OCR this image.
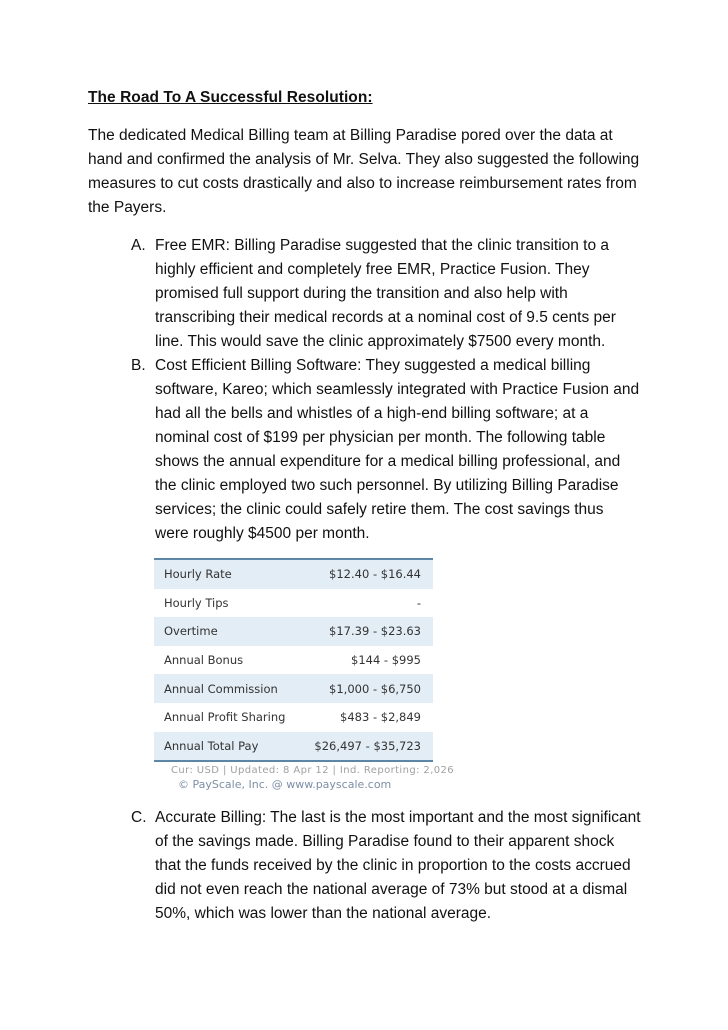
The Road To A Successful Resolution:
The dedicated Medical Billing team at Billing Paradise pored over the data at hand and confirmed the analysis of Mr. Selva. They also suggested the following measures to cut costs drastically and also to increase reimbursement rates from the Payers.
A. Free EMR: Billing Paradise suggested that the clinic transition to a highly efficient and completely free EMR, Practice Fusion. They promised full support during the transition and also help with transcribing their medical records at a nominal cost of 9.5 cents per line. This would save the clinic approximately $7500 every month.
B. Cost Efficient Billing Software: They suggested a medical billing software, Kareo; which seamlessly integrated with Practice Fusion and had all the bells and whistles of a high-end billing software; at a nominal cost of $199 per physician per month. The following table shows the annual expenditure for a medical billing professional, and the clinic employed two such personnel. By utilizing Billing Paradise services; the clinic could safely retire them. The cost savings thus were roughly $4500 per month.
Hourly Rate	$12.40 - $16.44
Hourly Tips	-
Overtime	$17.39 - $23.63
Annual Bonus	$144 - $995
Annual Commission	$1,000 - $6,750
Annual Profit Sharing	$483 - $2,849
Annual Total Pay	$26,497 - $35,723
Cur: USD | Updated: 8 Apr 12 | Ind. Reporting: 2,026
© PayScale, Inc. @ www.payscale.com
C. Accurate Billing: The last is the most important and the most significant of the savings made. Billing Paradise found to their apparent shock that the funds received by the clinic in proportion to the costs accrued did not even reach the national average of 73% but stood at a dismal 50%, which was lower than the national average.
